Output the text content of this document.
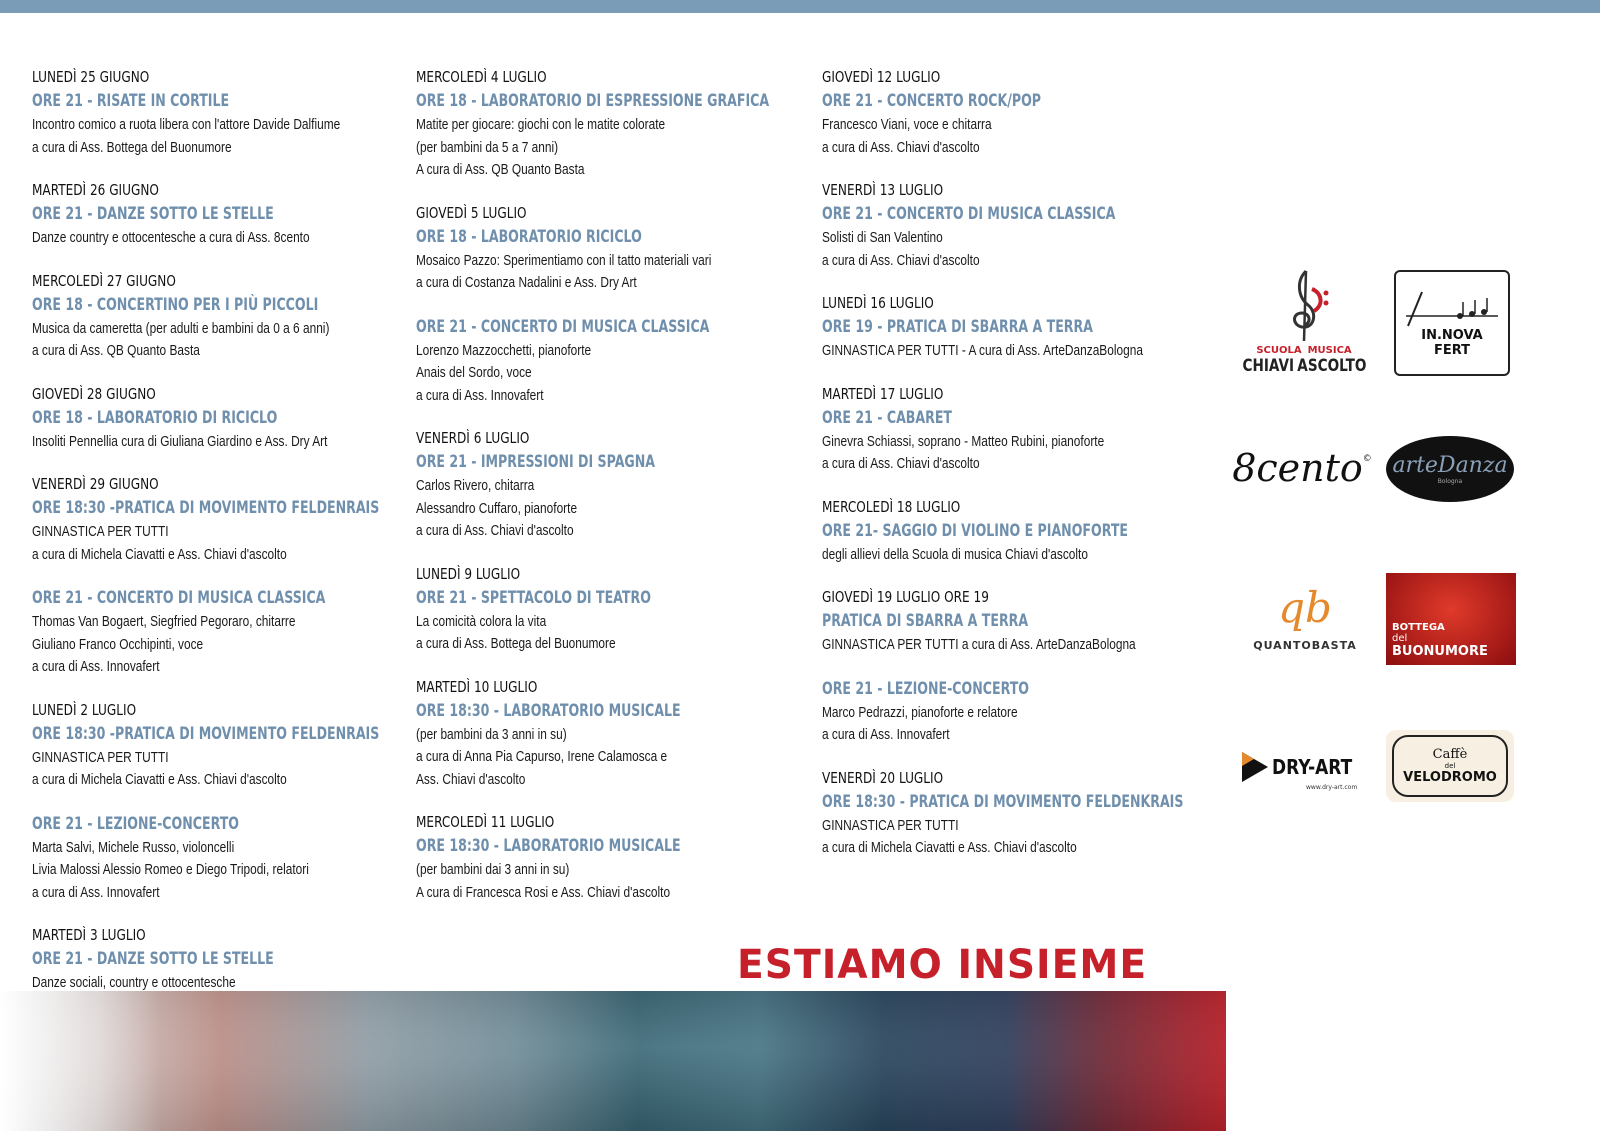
LUNEDÌ 25 GIUGNO
ORE 21 - RISATE IN CORTILE
Incontro comico a ruota libera con l'attore Davide Dalfiume
a cura di Ass. Bottega del Buonumore
MARTEDÌ 26 GIUGNO
ORE 21 - DANZE SOTTO LE STELLE
Danze country e ottocentesche a cura di Ass. 8cento
MERCOLEDÌ 27 GIUGNO
ORE 18 - CONCERTINO PER I PIÙ PICCOLI
Musica da cameretta (per adulti e bambini da 0 a 6 anni)
a cura di Ass. QB Quanto Basta
GIOVEDÌ 28 GIUGNO
ORE 18 - LABORATORIO DI RICICLO
Insoliti Pennellia cura di Giuliana Giardino e Ass. Dry Art
VENERDÌ 29 GIUGNO
ORE 18:30 -PRATICA DI MOVIMENTO FELDENRAIS
GINNASTICA PER TUTTI
a cura di Michela Ciavatti e Ass. Chiavi d'ascolto
ORE 21 - CONCERTO DI MUSICA CLASSICA
Thomas Van Bogaert, Siegfried Pegoraro, chitarre
Giuliano Franco Occhipinti, voce
a cura di Ass. Innovafert
LUNEDÌ 2 LUGLIO
ORE 18:30 -PRATICA DI MOVIMENTO FELDENRAIS
GINNASTICA PER TUTTI
a cura di Michela Ciavatti e Ass. Chiavi d'ascolto
ORE 21 - LEZIONE-CONCERTO
Marta Salvi, Michele Russo, violoncelli
Livia Malossi Alessio Romeo e Diego Tripodi, relatori
a cura di Ass. Innovafert
MARTEDÌ 3 LUGLIO
ORE 21 - DANZE SOTTO LE STELLE
Danze sociali, country e ottocentesche
MERCOLEDÌ 4 LUGLIO
ORE 18 - LABORATORIO DI ESPRESSIONE GRAFICA
Matite per giocare: giochi con le matite colorate
(per bambini da 5 a 7 anni)
A cura di Ass. QB Quanto Basta
GIOVEDÌ 5 LUGLIO
ORE 18 - LABORATORIO RICICLO
Mosaico Pazzo: Sperimentiamo con il tatto materiali vari
a cura di Costanza Nadalini e Ass. Dry Art
ORE 21 - CONCERTO DI MUSICA CLASSICA
Lorenzo Mazzocchetti, pianoforte
Anais del Sordo, voce
a cura di Ass. Innovafert
VENERDÌ 6 LUGLIO
ORE 21 - IMPRESSIONI DI SPAGNA
Carlos Rivero, chitarra
Alessandro Cuffaro, pianoforte
a cura di Ass. Chiavi d'ascolto
LUNEDÌ 9 LUGLIO
ORE 21 - SPETTACOLO DI TEATRO
La comicità colora la vita
a cura di Ass. Bottega del Buonumore
MARTEDÌ 10 LUGLIO
ORE 18:30 - LABORATORIO MUSICALE
(per bambini da 3 anni in su)
a cura di Anna Pia Capurso, Irene Calamosca e
Ass. Chiavi d'ascolto
MERCOLEDÌ 11 LUGLIO
ORE 18:30 - LABORATORIO MUSICALE
(per bambini dai 3 anni in su)
A cura di Francesca Rosi e Ass. Chiavi d'ascolto
GIOVEDÌ 12 LUGLIO
ORE 21 - CONCERTO ROCK/POP
Francesco Viani, voce e chitarra
a cura di Ass. Chiavi d'ascolto
VENERDÌ 13 LUGLIO
ORE 21 - CONCERTO DI MUSICA CLASSICA
Solisti di San Valentino
a cura di Ass. Chiavi d'ascolto
LUNEDÌ 16 LUGLIO
ORE 19 - PRATICA DI SBARRA A TERRA
GINNASTICA PER TUTTI - A cura di Ass. ArteDanzaBologna
MARTEDÌ 17 LUGLIO
ORE 21 - CABARET
Ginevra Schiassi, soprano - Matteo Rubini, pianoforte
a cura di Ass. Chiavi d'ascolto
MERCOLEDÌ 18 LUGLIO
ORE 21- SAGGIO DI VIOLINO E PIANOFORTE
degli allievi della Scuola di musica Chiavi d'ascolto
GIOVEDÌ 19 LUGLIO ORE 19
PRATICA DI SBARRA A TERRA
GINNASTICA PER TUTTI a cura di Ass. ArteDanzaBologna
ORE 21 - LEZIONE-CONCERTO
Marco Pedrazzi, pianoforte e relatore
a cura di Ass. Innovafert
VENERDÌ 20 LUGLIO
ORE 18:30 - PRATICA DI MOVIMENTO FELDENKRAIS
GINNASTICA PER TUTTI
a cura di Michela Ciavatti e Ass. Chiavi d'ascolto
SCUOLA MUSICA
CHIAVI ASCOLTO
IN.NOVA
FERT
8cento © arteDanza
Bologna
qb
QUANTOBASTA
BOTTEGA
del
BUONUMORE
DRY-ART
www.dry-art.com
Caffè
del
VELODROMO
ESTIAMO INSIEME
